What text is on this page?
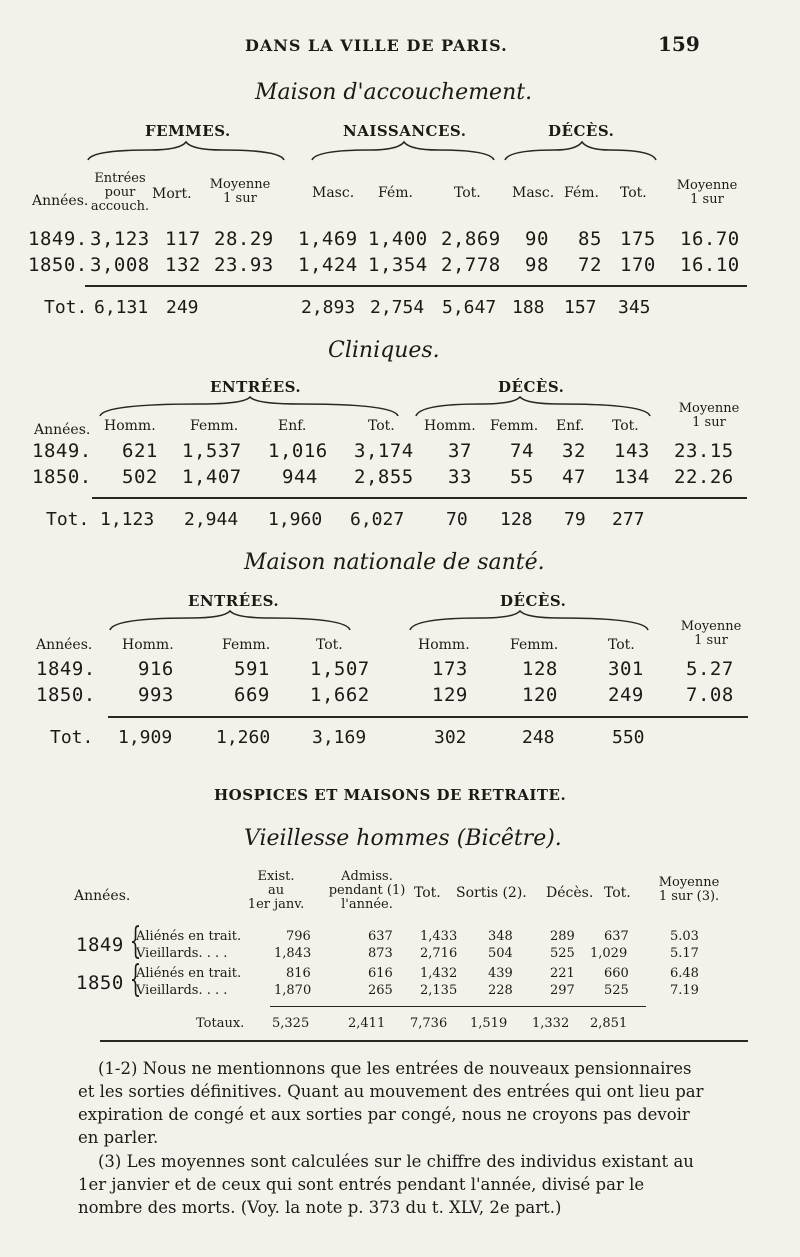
DANS LA VILLE DE PARIS.	159
Maison d'accouchement.
FEMMES.	NAISSANCES.	DÉCÈS.
Années.
Entrées
pour
accouch.
Mort.
Moyenne
1 sur	Masc. Fém.	Tot. Masc. Fém. Tot.	Moyenne
1 sur
1849. 3,123 117 28.29 1,469 1,400 2,869 90 85 175 16.70
1850. 3,008 132 23.93 1,424 1,354 2,778 98 72 170 16.10
Tot. 6,131 249	2,893 2,754 5,647 188 157 345
Cliniques.
ENTRÉES.	DÉCÈS.
Années. Homm. Femm.	Enf.	Tot. Homm. Femm. Enf. Tot.
Moyenne
1 sur
1849. 621 1,537 1,016 3,174 37 74 32 143 23.15
1850. 502 1,407 944 2,855 33 55 47 134 22.26
Tot. 1,123 2,944 1,960 6,027 70 128 79 277
Maison nationale de santé.
ENTRÉES.	DÉCÈS.
Années. Homm.	Femm.	Tot.	Homm.	Femm.	Tot.
Moyenne
1 sur
1849. 916	591 1,507	173	128	301 5.27
1850. 993	669 1,662	129	120	249 7.08
Tot. 1,909 1,260 3,169	302	248	550
HOSPICES ET MAISONS DE RETRAITE.
Vieillesse hommes (Bicêtre).
Années.
Exist.
au
1er janv.
Admiss.
pendant (1)
l'année.
Tot. Sortis (2). Décès. Tot.
Moyenne
1 sur (3).
1849 {
1850 {
Aliénés en trait.	796	637 1,433 348	289 637	5.03
Vieillards. . . .	1,843	873 2,716 504	525 1,029	5.17
Aliénés en trait.	816	616 1,432 439	221 660	6.48
Vieillards. . . .	1,870	265 2,135 228	297 525	7.19
Totaux. 5,325	2,411 7,736 1,519 1,332 2,851
(1-2) Nous ne mentionnons que les entrées de nouveaux pensionnaires
et les sorties définitives. Quant au mouvement des entrées qui ont lieu par
expiration de congé et aux sorties par congé, nous ne croyons pas devoir
en parler.
(3) Les moyennes sont calculées sur le chiffre des individus existant au
1er janvier et de ceux qui sont entrés pendant l'année, divisé par le
nombre des morts. (Voy. la note p. 373 du t. XLV, 2e part.)
